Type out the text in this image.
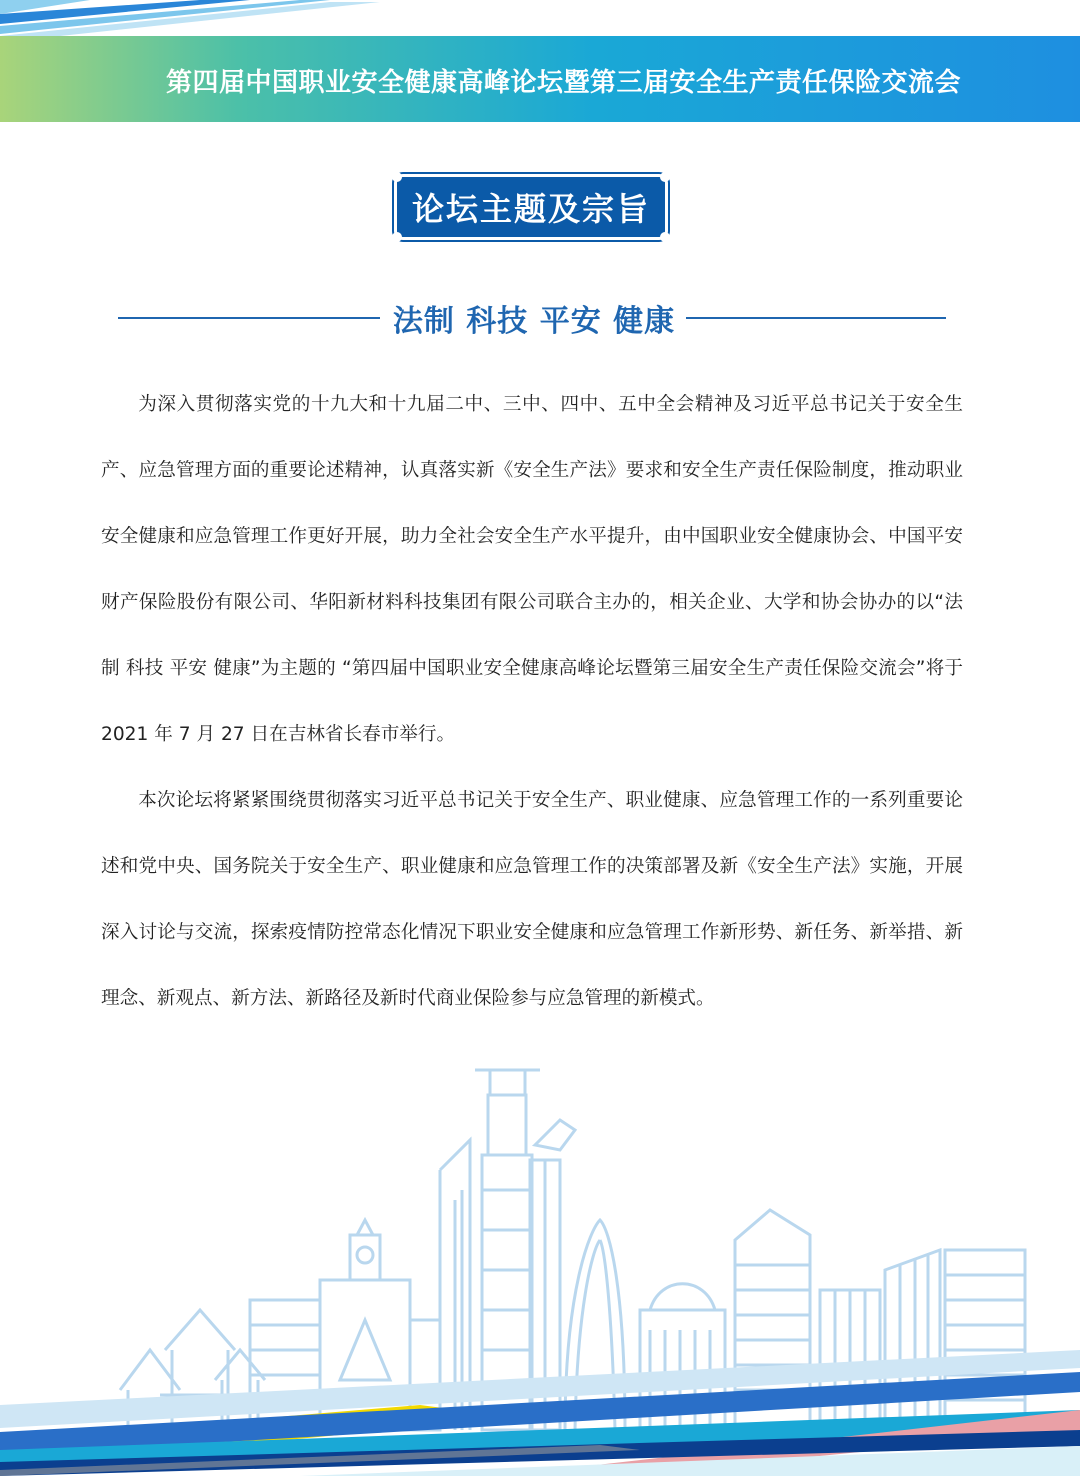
第四届中国职业安全健康高峰论坛暨第三届安全生产责任保险交流会
论坛主题及宗旨
法制 科技 平安 健康

为深入贯彻落实党的十九大和十九届二中、三中、四中、五中全会精神及习近平总书记关于安全生产、应急管理方面的重要论述精神，认真落实新《安全生产法》要求和安全生产责任保险制度，推动职业安全健康和应急管理工作更好开展，助力全社会安全生产水平提升，由中国职业安全健康协会、中国平安财产保险股份有限公司、华阳新材料科技集团有限公司联合主办的，相关企业、大学和协会协办的以“法制 科技 平安 健康”为主题的 “第四届中国职业安全健康高峰论坛暨第三届安全生产责任保险交流会”将于 2021 年 7 月 27 日在吉林省长春市举行。

本次论坛将紧紧围绕贯彻落实习近平总书记关于安全生产、职业健康、应急管理工作的一系列重要论述和党中央、国务院关于安全生产、职业健康和应急管理工作的决策部署及新《安全生产法》实施，开展深入讨论与交流，探索疫情防控常态化情况下职业安全健康和应急管理工作新形势、新任务、新举措、新理念、新观点、新方法、新路径及新时代商业保险参与应急管理的新模式。
